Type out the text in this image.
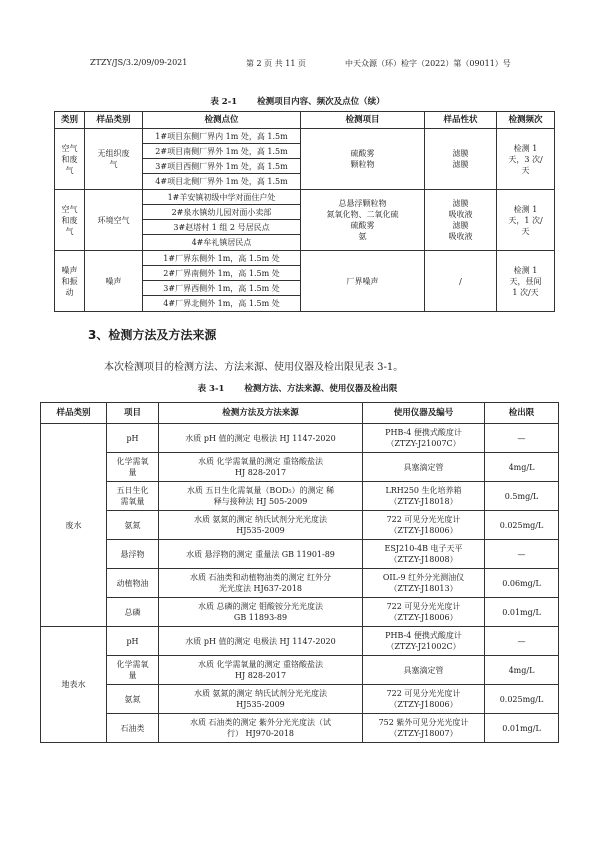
ZTZY/JS/3.2/09/09-2021	第 2 页 共 11 页	中天众源（环）检字（2022）第（09011）号
表 2-1 检测项目内容、频次及点位（续）
类别	样品类别	检测点位	检测项目	样品性状	检测频次
空气
和废
气	无组织废
气	1#项目东侧厂界内 1m 处，高 1.5m	硫酸雾
颗粒物	滤膜
滤膜	检测 1
天，3 次/
天
		2#项目南侧厂界外 1m 处，高 1.5m			
		3#项目西侧厂界外 1m 处，高 1.5m			
		4#项目北侧厂界外 1m 处，高 1.5m			
空气
和废
气	环境空气	1#羊安镇初级中学对面住户处	总悬浮颗粒物
氮氧化物、二氧化硫
硫酸雾
氨	滤膜
吸收液
滤膜
吸收液	检测 1
天，1 次/
天
		2#泉水镇幼儿园对面小卖部			
		3#赵塔村 1 组 2 号居民点			
		4#牟礼镇居民点			
噪声
和振
动	噪声	1#厂界东侧外 1m，高 1.5m 处	厂界噪声	/	检测 1
天，昼间
1 次/天
		2#厂界南侧外 1m，高 1.5m 处			
		3#厂界西侧外 1m，高 1.5m 处			
		4#厂界北侧外 1m，高 1.5m 处			
3、检测方法及方法来源
本次检测项目的检测方法、方法来源、使用仪器及检出限见表 3-1。
表 3-1 检测方法、方法来源、使用仪器及检出限
样品类别	项目	检测方法及方法来源	使用仪器及编号	检出限
废水	pH	水质 pH 值的测定 电极法 HJ 1147-2020	PHB-4 便携式酸度计
（ZTZY-J21007C）	—
	化学需氧
量	水质 化学需氧量的测定 重铬酸盐法
HJ 828-2017	具塞滴定管	4mg/L
	五日生化
需氧量	水质 五日生化需氧量（BOD₅）的测定 稀
释与接种法 HJ 505-2009	LRH250 生化培养箱
（ZTZY-J18018）	0.5mg/L
	氨氮	水质 氨氮的测定 纳氏试剂分光光度法
HJ535-2009	722 可见分光光度计
（ZTZY-J18006）	0.025mg/L
	悬浮物	水质 悬浮物的测定 重量法 GB 11901-89	ESJ210-4B 电子天平
（ZTZY-J18008）	—
	动植物油	水质 石油类和动植物油类的测定 红外分
光光度法 HJ637-2018	OIL-9 红外分光测油仪
（ZTZY-J18013）	0.06mg/L
	总磷	水质 总磷的测定 钼酸铵分光光度法
GB 11893-89	722 可见分光光度计
（ZTZY-J18006）	0.01mg/L
地表水	pH	水质 pH 值的测定 电极法 HJ 1147-2020	PHB-4 便携式酸度计
（ZTZY-J21002C）	—
	化学需氧
量	水质 化学需氧量的测定 重铬酸盐法
HJ 828-2017	具塞滴定管	4mg/L
	氨氮	水质 氨氮的测定 纳氏试剂分光光度法
HJ535-2009	722 可见分光光度计
（ZTZY-J18006）	0.025mg/L
	石油类	水质 石油类的测定 紫外分光光度法（试
行） HJ970-2018	752 紫外可见分光光度计
（ZTZY-J18007）	0.01mg/L
